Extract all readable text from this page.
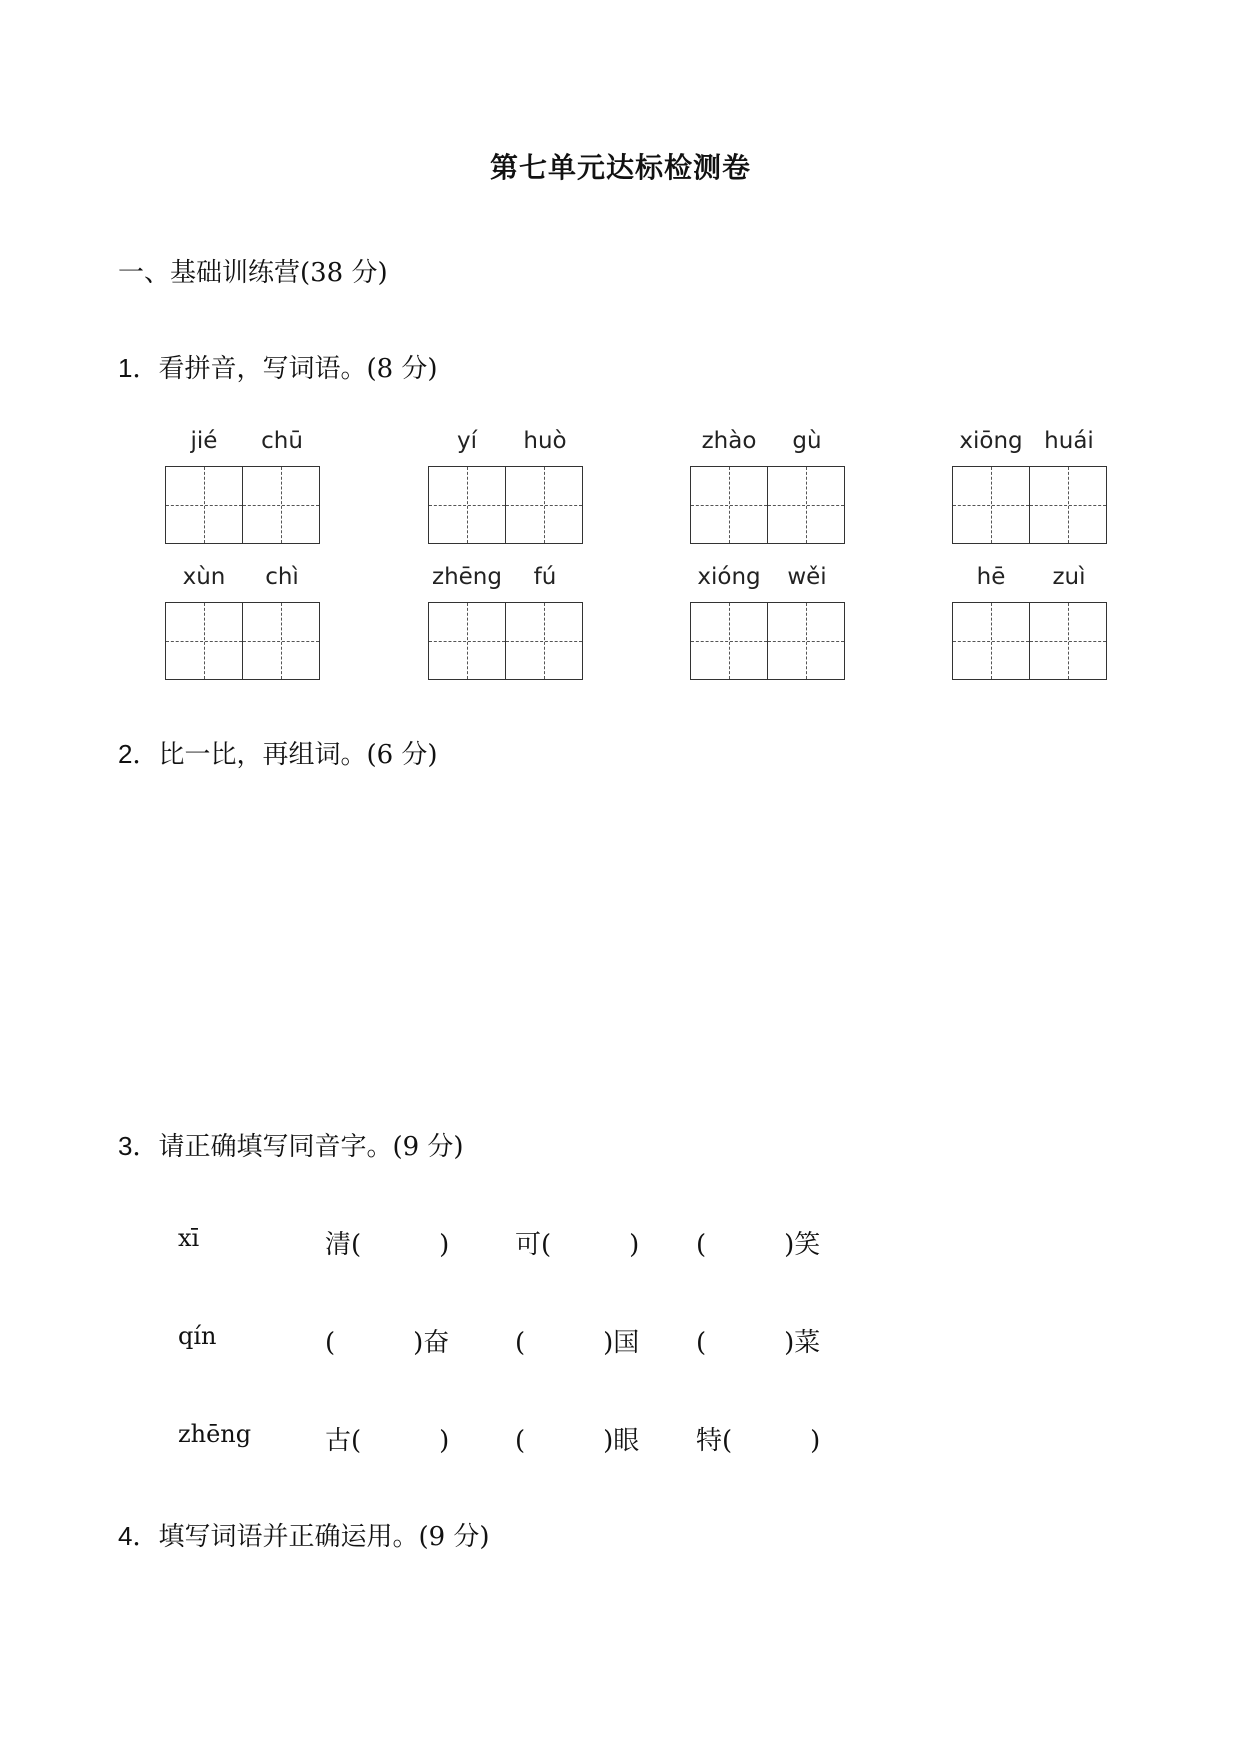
第七单元达标检测卷
一、基础训练营(38 分)
1．看拼音，写词语。(8 分)
jié	chū	yí	huò	zhào	gù	xiōng huái
xùn	chì	zhēng	fú	xióng	wěi	hē	zuì
2．比一比，再组词。(6 分)
3．请正确填写同音字。(9 分)
xī	清(　　　)	可(　　　) (　　　)笑
qín	(　　　)奋	(　　　)国 (　　　)菜
zhēng	古(　　　)	(　　　)眼 特(　　　)
4．填写词语并正确运用。(9 分)
